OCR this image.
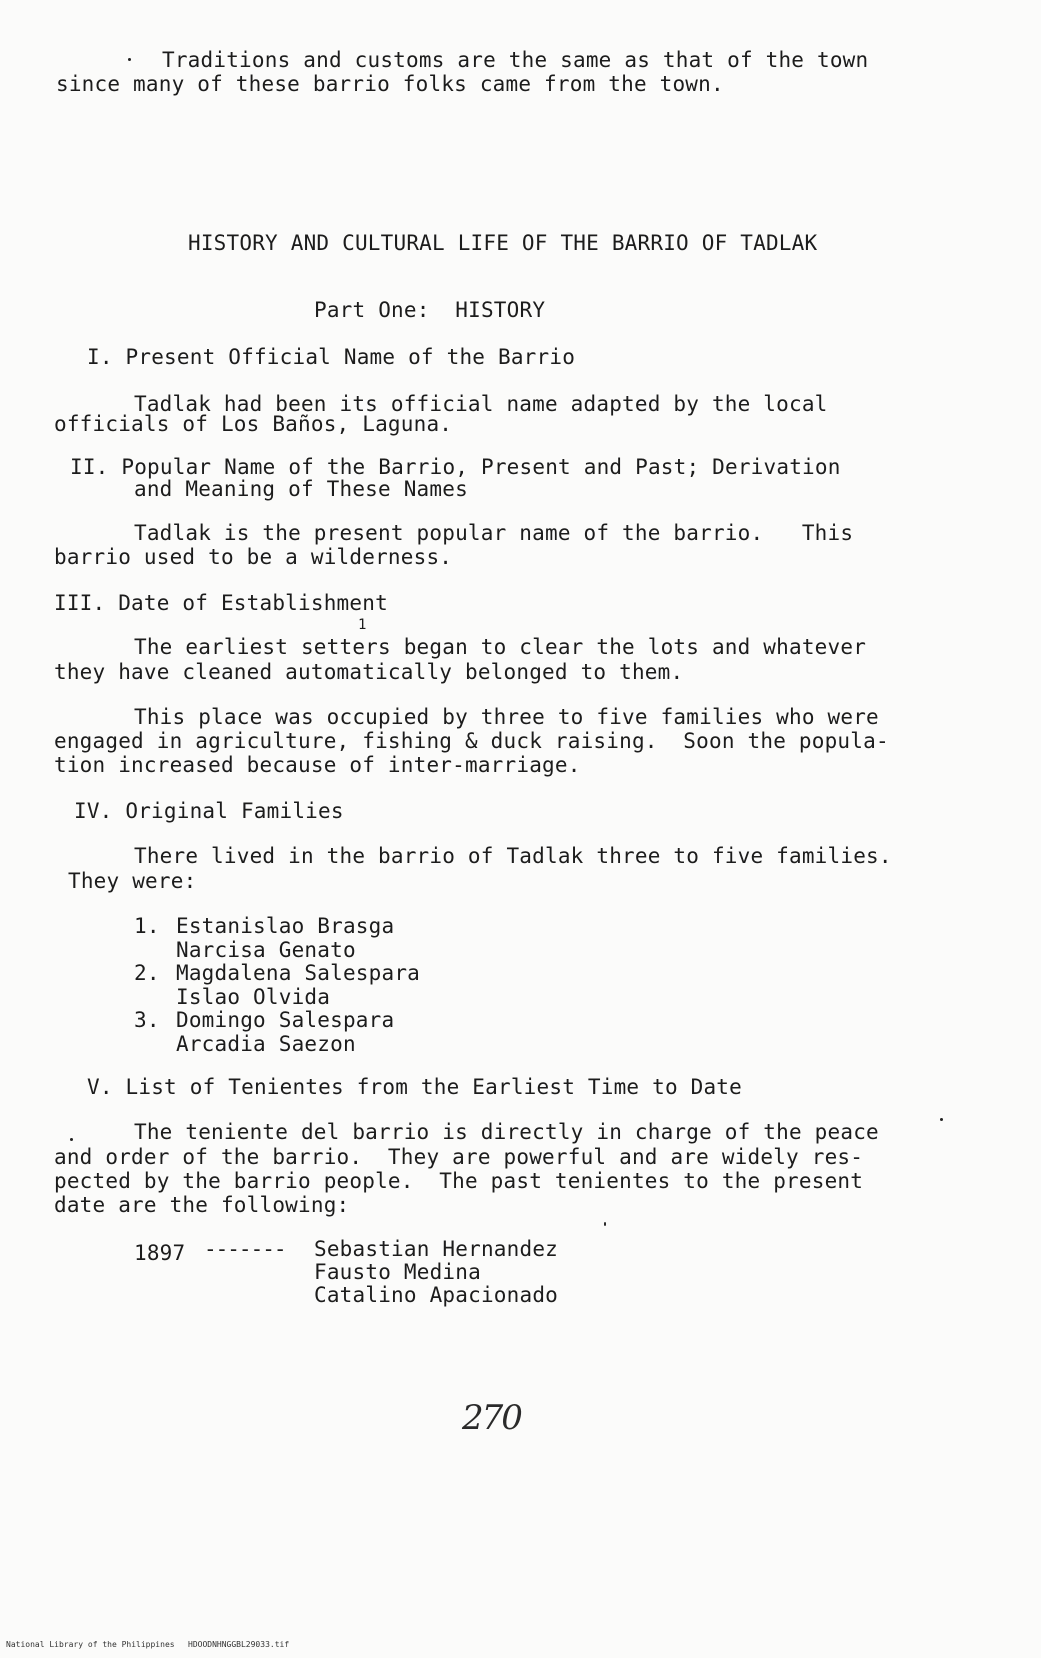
Traditions and customs are the same as that of the town
since many of these barrio folks came from the town.
HISTORY AND CULTURAL LIFE OF THE BARRIO OF TADLAK
Part One:  HISTORY
I. Present Official Name of the Barrio
Tadlak had been its official name adapted by the local
officials of Los Baños, Laguna.
II. Popular Name of the Barrio, Present and Past; Derivation
and Meaning of These Names
Tadlak is the present popular name of the barrio.   This
barrio used to be a wilderness.
III. Date of Establishment
1
The earliest setters began to clear the lots and whatever
they have cleaned automatically belonged to them.
This place was occupied by three to five families who were
engaged in agriculture, fishing & duck raising.  Soon the popula-
tion increased because of inter-marriage.
IV. Original Families
There lived in the barrio of Tadlak three to five families.
They were:
1. Estanislao Brasga
Narcisa Genato
2. Magdalena Salespara
Islao Olvida
3. Domingo Salespara
Arcadia Saezon
V. List of Tenientes from the Earliest Time to Date
The teniente del barrio is directly in charge of the peace
and order of the barrio.  They are powerful and are widely res-
pected by the barrio people.  The past tenientes to the present
date are the following:
1897 ------- Sebastian Hernandez
Fausto Medina
Catalino Apacionado
270
National Library of the Philippines HDOODNHNGGBL29033.tif
